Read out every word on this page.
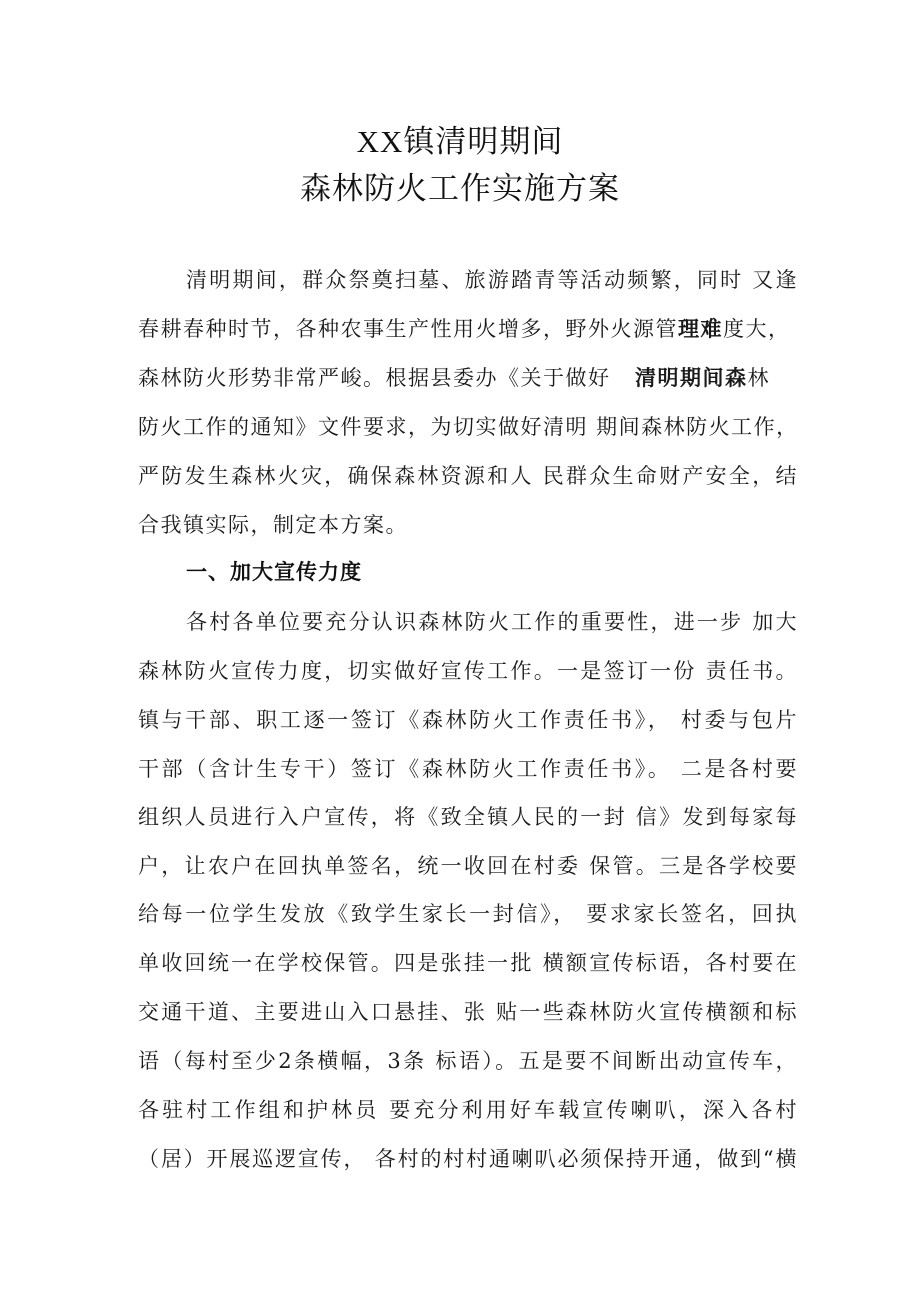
XX镇清明期间
森林防火工作实施方案
清明期间，群众祭奠扫墓、旅游踏青等活动频繁，同时 又逢
春耕春种时节，各种农事生产性用火增多，野外火源管理难度大，
森林防火形势非常严峻。根据县委办《关于做好 清明期间森林
防火工作的通知》文件要求，为切实做好清明 期间森林防火工作，
严防发生森林火灾，确保森林资源和人 民群众生命财产安全，结
合我镇实际，制定本方案。
一、加大宣传力度
各村各单位要充分认识森林防火工作的重要性，进一步 加大
森林防火宣传力度，切实做好宣传工作。一是签订一份 责任书。
镇与干部、职工逐一签订《森林防火工作责任书》， 村委与包片
干部（含计生专干）签订《森林防火工作责任书》。 二是各村要
组织人员进行入户宣传，将《致全镇人民的一封 信》发到每家每
户，让农户在回执单签名，统一收回在村委 保管。三是各学校要
给每一位学生发放《致学生家长一封信》， 要求家长签名，回执
单收回统一在学校保管。四是张挂一批 横额宣传标语，各村要在
交通干道、主要进山入口悬挂、张 贴一些森林防火宣传横额和标
语（每村至少2条横幅，3条 标语）。五是要不间断出动宣传车，
各驻村工作组和护林员 要充分利用好车载宣传喇叭，深入各村
（居）开展巡逻宣传， 各村的村村通喇叭必须保持开通，做到“横
